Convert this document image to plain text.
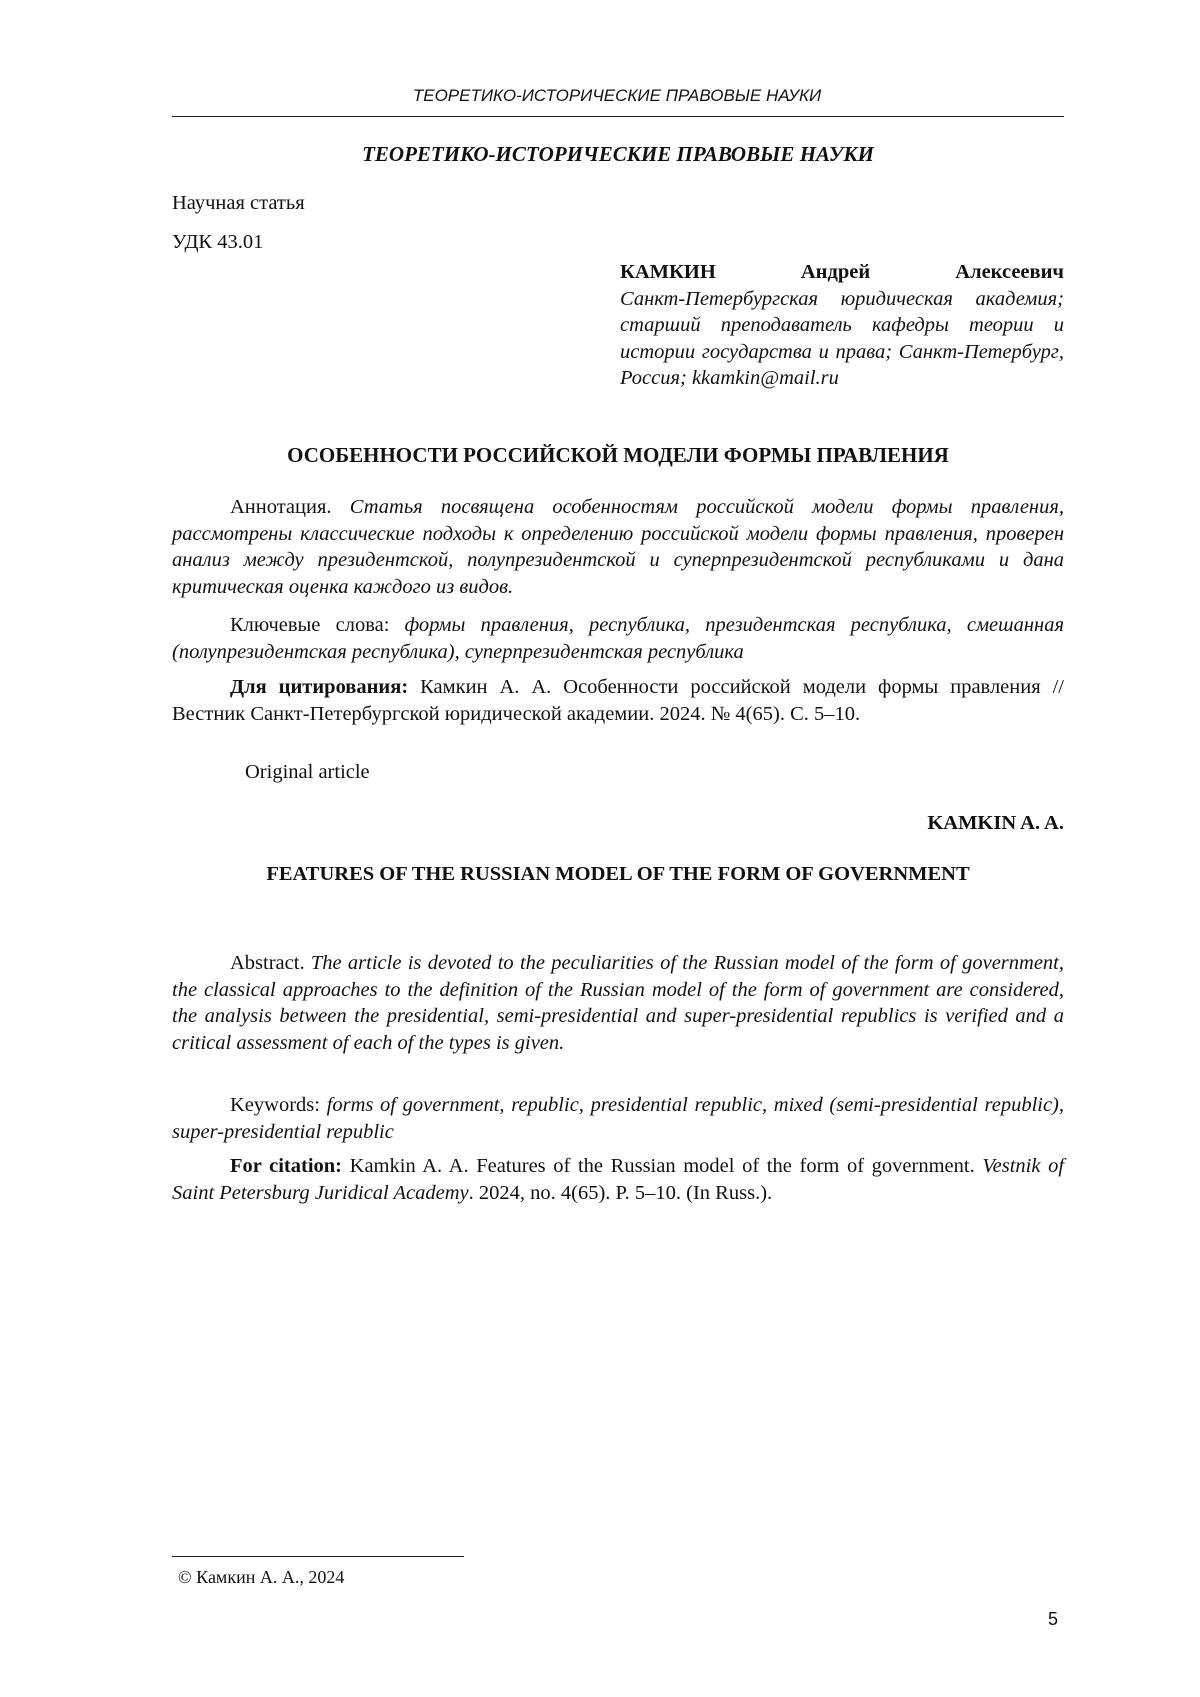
ТЕОРЕТИКО-ИСТОРИЧЕСКИЕ ПРАВОВЫЕ НАУКИ
ТЕОРЕТИКО-ИСТОРИЧЕСКИЕ ПРАВОВЫЕ НАУКИ
Научная статья
УДК 43.01
КАМКИН	Андрей	Алексеевич
Санкт-Петербургская юридическая академия; старший преподаватель кафедры теории и истории государства и права; Санкт-Петербург, Россия; kkamkin@mail.ru
ОСОБЕННОСТИ РОССИЙСКОЙ МОДЕЛИ ФОРМЫ ПРАВЛЕНИЯ
Аннотация. Статья посвящена особенностям российской модели формы правления, рассмотрены классические подходы к определению российской модели формы правления, проверен анализ между президентской, полупрезидентской и суперпрезидентской республиками и дана критическая оценка каждого из видов.
Ключевые слова: формы правления, республика, президентская республика, смешанная (полупрезидентская республика), суперпрезидентская республика
Для цитирования: Камкин А. А. Особенности российской модели формы правления // Вестник Санкт-Петербургской юридической академии. 2024. № 4(65). С. 5–10.
Original article
KAMKIN A. A.
FEATURES OF THE RUSSIAN MODEL OF THE FORM OF GOVERNMENT
Abstract. The article is devoted to the peculiarities of the Russian model of the form of government, the classical approaches to the definition of the Russian model of the form of government are considered, the analysis between the presidential, semi-presidential and super-presidential republics is verified and a critical assessment of each of the types is given.
Keywords: forms of government, republic, presidential republic, mixed (semi-presidential republic), super-presidential republic
For citation: Kamkin A. A. Features of the Russian model of the form of government. Vestnik of Saint Petersburg Juridical Academy. 2024, no. 4(65). P. 5–10. (In Russ.).
© Камкин А. А., 2024
5
